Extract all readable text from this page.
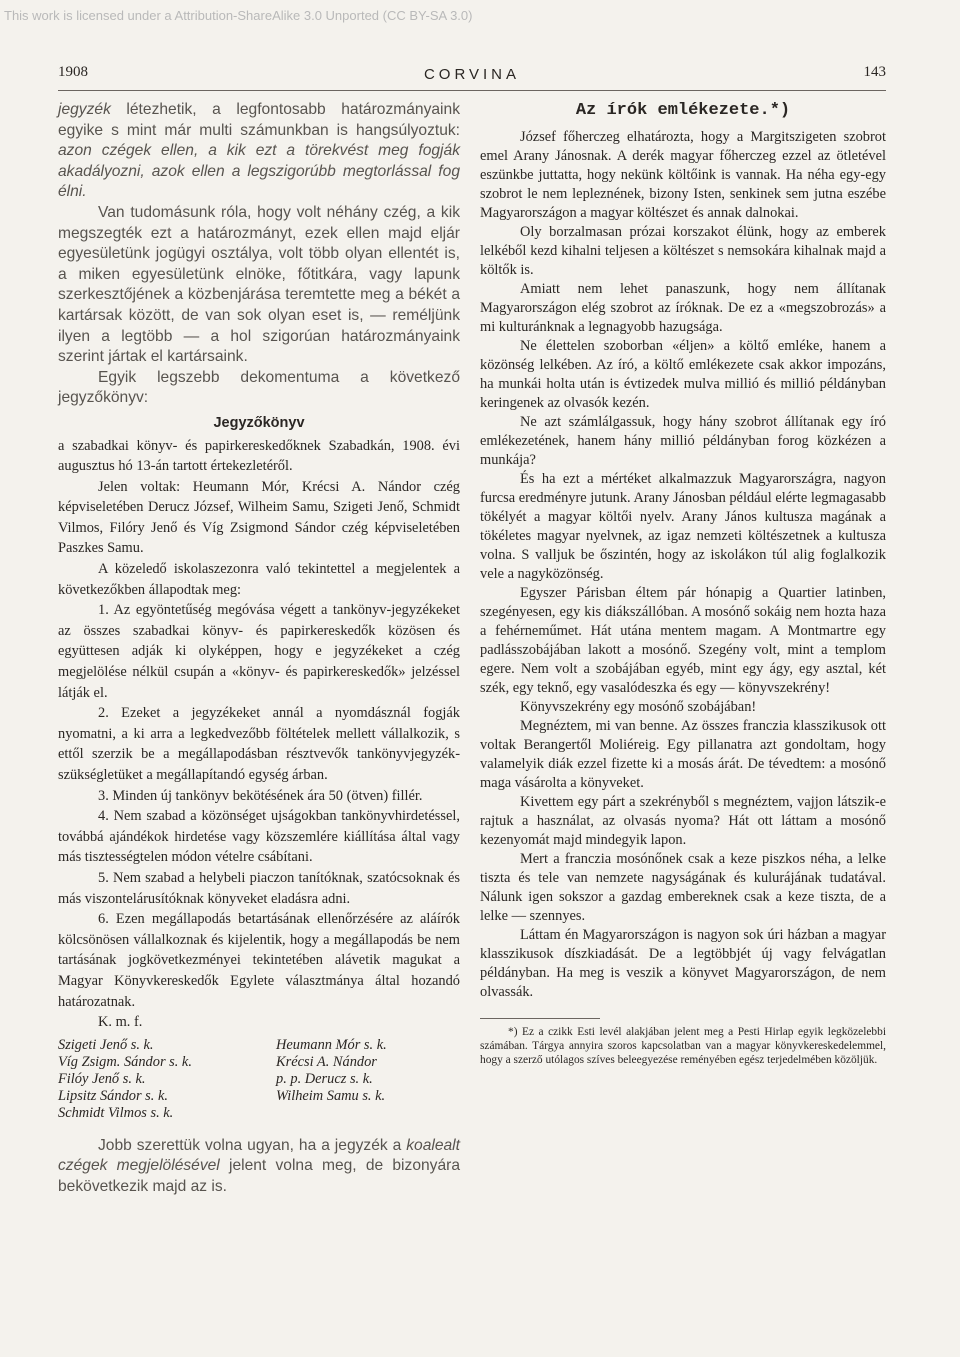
This work is licensed under a Attribution-ShareAlike 3.0 Unported (CC BY-SA 3.0)
1908	CORVINA	143

jegyzék létezhetik, a legfontosabb határozmányaink egyike s mint már multi számunkban is hangsúlyoztuk: azon czégek ellen, a kik ezt a törekvést meg fogják akadályozni, azok ellen a legszigorúbb megtorlással fog élni.

Van tudomásunk róla, hogy volt néhány czég, a kik megszegték ezt a határozmányt, ezek ellen majd eljár egyesületünk jogügyi osztálya, volt több olyan ellentét is, a miken egyesületünk elnöke, főtitkára, vagy lapunk szerkesztőjének a közbenjárása teremtette meg a békét a kartársak között, de van sok olyan eset is, — reméljünk ilyen a legtöbb — a hol szigorúan határozmányaink szerint jártak el kartársaink.

Egyik legszebb dekomentuma a következő jegyzőkönyv:

Jegyzőkönyv

a szabadkai könyv- és papirkereskedőknek Szabadkán, 1908. évi augusztus hó 13-án tartott értekezletéről.

Jelen voltak: Heumann Mór, Krécsi A. Nándor czég képviseletében Derucz József, Wilheim Samu, Szigeti Jenő, Schmidt Vilmos, Filóry Jenő és Víg Zsigmond Sándor czég képviseletében Paszkes Samu.

A közeledő iskolaszezonra való tekintettel a megjelentek a következőkben állapodtak meg:

1. Az egyöntetűség megóvása végett a tankönyv-jegyzékeket az összes szabadkai könyv- és papirkereskedők közösen és együttesen adják ki olyképpen, hogy e jegyzékeket a czég megjelölése nélkül csupán a «könyv- és papirkereskedők» jelzéssel látják el.

2. Ezeket a jegyzékeket annál a nyomdásznál fogják nyomatni, a ki arra a legkedvezőbb föltételek mellett vállalkozik, s ettől szerzik be a megállapodásban résztvevők tankönyvjegyzék-szükségletüket a megállapítandó egység árban.

3. Minden új tankönyv bekötésének ára 50 (ötven) fillér.

4. Nem szabad a közönséget ujságokban tankönyvhirdetéssel, továbbá ajándékok hirdetése vagy közszemlére kiállítása által vagy más tisztességtelen módon vételre csábítani.

5. Nem szabad a helybeli piaczon tanítóknak, szatócsoknak és más viszontelárusítóknak könyveket eladásra adni.

6. Ezen megállapodás betartásának ellenőrzésére az aláírók kölcsönösen vállalkoznak és kijelentik, hogy a megállapodás be nem tartásának jogkövetkezményei tekintetében alávetik magukat a Magyar Könyvkereskedők Egylete választmánya által hozandó határozatnak.

K. m. f.

Szigeti Jenő s. k.	Heumann Mór s. k.
Víg Zsigm. Sándor s. k.	Krécsi A. Nándor
Filóy Jenő s. k.	p. p. Derucz s. k.
Lipsitz Sándor s. k.	Wilheim Samu s. k.
Schmidt Vilmos s. k.

Jobb szerettük volna ugyan, ha a jegyzék a koalealt czégek megjelölésével jelent volna meg, de bizonyára bekövetkezik majd az is.

Az írók emlékezete.*)

József főherczeg elhatározta, hogy a Margitszigeten szobrot emel Arany Jánosnak. A derék magyar főherczeg ezzel az ötletével eszünkbe juttatta, hogy nekünk költőink is vannak. Ha néha egy-egy szobrot le nem lepleznének, bizony Isten, senkinek sem jutna eszébe Magyarországon a magyar költészet és annak dalnokai.

Oly borzalmasan prózai korszakot élünk, hogy az emberek lelkéből kezd kihalni teljesen a költészet s nemsokára kihalnak majd a költők is.

Amiatt nem lehet panaszunk, hogy nem állítanak Magyarországon elég szobrot az íróknak. De ez a «megszobrozás» a mi kulturánknak a legnagyobb hazugsága.

Ne élettelen szoborban «éljen» a költő emléke, hanem a közönség lelkében. Az író, a költő emlékezete csak akkor impozáns, ha munkái holta után is évtizedek mulva millió és millió példányban keringenek az olvasók kezén.

Ne azt számlálgassuk, hogy hány szobrot állítanak egy író emlékezetének, hanem hány millió példányban forog közkézen a munkája?

És ha ezt a mértéket alkalmazzuk Magyarországra, nagyon furcsa eredményre jutunk. Arany Jánosban például elérte legmagasabb tökélyét a magyar költői nyelv. Arany János kultusza magának a tökéletes magyar nyelvnek, az igaz nemzeti költészetnek a kultusza volna. S valljuk be őszintén, hogy az iskolákon túl alig foglalkozik vele a nagyközönség.

Egyszer Párisban éltem pár hónapig a Quartier latinben, szegényesen, egy kis diákszállóban. A mosónő sokáig nem hozta haza a fehérneműmet. Hát utána mentem magam. A Montmartre egy padlásszobájában lakott a mosónő. Szegény volt, mint a templom egere. Nem volt a szobájában egyéb, mint egy ágy, egy asztal, két szék, egy teknő, egy vasalódeszka és egy — könyvszekrény!

Könyvszekrény egy mosónő szobájában!

Megnéztem, mi van benne. Az összes franczia klasszikusok ott voltak Berangertől Moliéreig. Egy pillanatra azt gondoltam, hogy valamelyik diák ezzel fizette ki a mosás árát. De tévedtem: a mosónő maga vásárolta a könyveket.

Kivettem egy párt a szekrényből s megnéztem, vajjon látszik-e rajtuk a használat, az olvasás nyoma? Hát ott láttam a mosónő kezenyomát majd mindegyik lapon.

Mert a franczia mosónőnek csak a keze piszkos néha, a lelke tiszta és tele van nemzete nagyságának és kulurájának tudatával. Nálunk igen sokszor a gazdag embereknek csak a keze tiszta, de a lelke — szennyes.

Láttam én Magyarországon is nagyon sok úri házban a magyar klasszikusok díszkiadását. De a legtöbbjét új vagy felvágatlan példányban. Ha meg is veszik a könyvet Magyarországon, de nem olvassák.

*) Ez a czikk Esti levél alakjában jelent meg a Pesti Hirlap egyik legközelebbi számában. Tárgya annyira szoros kapcsolatban van a magyar könyvkereskedelemmel, hogy a szerző utólagos szíves beleegyezése reményében egész terjedelmében közöljük.
